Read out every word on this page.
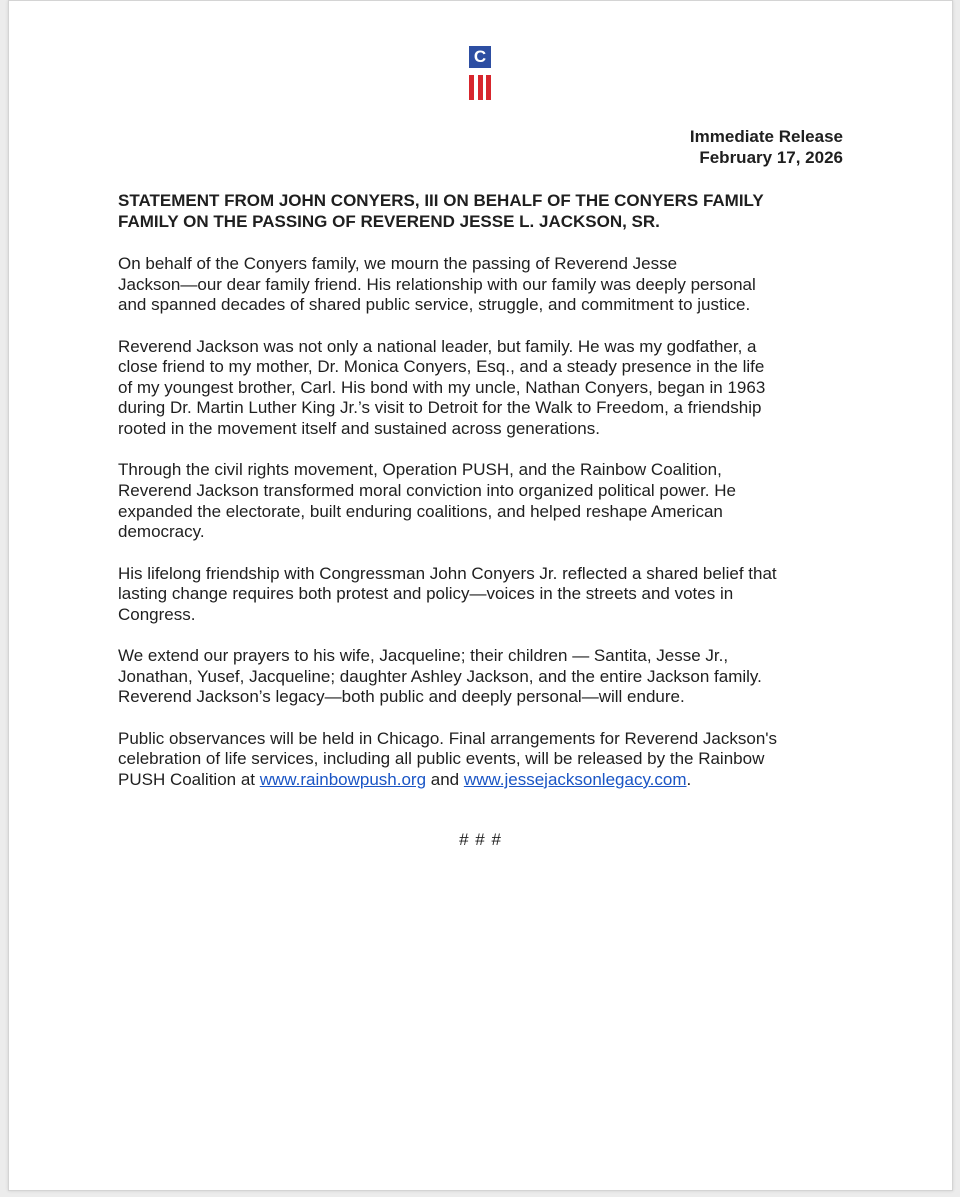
C
Immediate Release
February 17, 2026
STATEMENT FROM JOHN CONYERS, III ON BEHALF OF THE CONYERS FAMILY
FAMILY ON THE PASSING OF REVEREND JESSE L. JACKSON, SR.
On behalf of the Conyers family, we mourn the passing of Reverend Jesse
Jackson—our dear family friend. His relationship with our family was deeply personal
and spanned decades of shared public service, struggle, and commitment to justice.
Reverend Jackson was not only a national leader, but family. He was my godfather, a
close friend to my mother, Dr. Monica Conyers, Esq., and a steady presence in the life
of my youngest brother, Carl. His bond with my uncle, Nathan Conyers, began in 1963
during Dr. Martin Luther King Jr.’s visit to Detroit for the Walk to Freedom, a friendship
rooted in the movement itself and sustained across generations.
Through the civil rights movement, Operation PUSH, and the Rainbow Coalition,
Reverend Jackson transformed moral conviction into organized political power. He
expanded the electorate, built enduring coalitions, and helped reshape American
democracy.
His lifelong friendship with Congressman John Conyers Jr. reflected a shared belief that
lasting change requires both protest and policy—voices in the streets and votes in
Congress.
We extend our prayers to his wife, Jacqueline; their children — Santita, Jesse Jr.,
Jonathan, Yusef, Jacqueline; daughter Ashley Jackson, and the entire Jackson family.
Reverend Jackson’s legacy—both public and deeply personal—will endure.
Public observances will be held in Chicago. Final arrangements for Reverend Jackson's
celebration of life services, including all public events, will be released by the Rainbow
PUSH Coalition at www.rainbowpush.org and www.jessejacksonlegacy.com.
# # #
